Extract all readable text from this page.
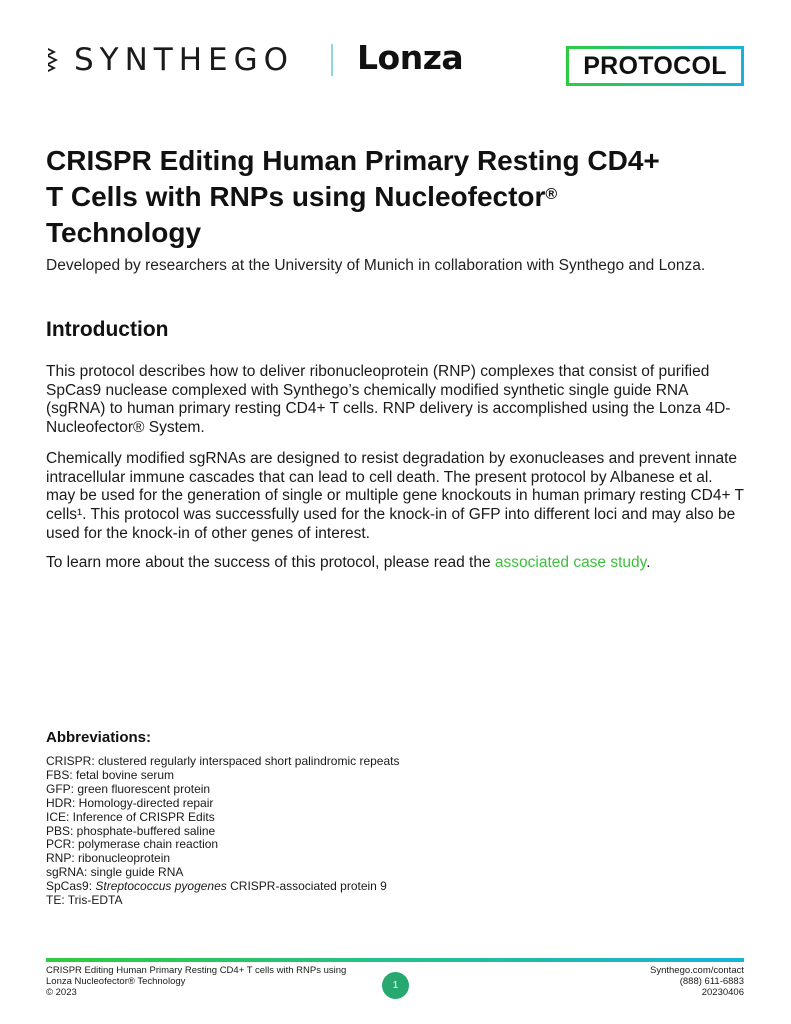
SYNTHEGO Lonza	PROTOCOL
CRISPR Editing Human Primary Resting CD4+
T Cells with RNPs using Nucleofector®
Technology
Developed by researchers at the University of Munich in collaboration with Synthego and Lonza.
Introduction

This protocol describes how to deliver ribonucleoprotein (RNP) complexes that consist of purified SpCas9 nuclease complexed with Synthego’s chemically modified synthetic single guide RNA (sgRNA) to human primary resting CD4+ T cells. RNP delivery is accomplished using the Lonza 4D-Nucleofector® System.

Chemically modified sgRNAs are designed to resist degradation by exonucleases and prevent innate intracellular immune cascades that can lead to cell death. The present protocol by Albanese et al. may be used for the generation of single or multiple gene knockouts in human primary resting CD4+ T cells¹. This protocol was successfully used for the knock-in of GFP into different loci and may also be used for the knock-in of other genes of interest.

To learn more about the success of this protocol, please read the associated case study.

Abbreviations:
CRISPR: clustered regularly interspaced short palindromic repeats
FBS: fetal bovine serum
GFP: green fluorescent protein
HDR: Homology-directed repair
ICE: Inference of CRISPR Edits
PBS: phosphate-buffered saline
PCR: polymerase chain reaction
RNP: ribonucleoprotein
sgRNA: single guide RNA
SpCas9: Streptococcus pyogenes CRISPR-associated protein 9
TE: Tris-EDTA
CRISPR Editing Human Primary Resting CD4+ T cells with RNPs using
Lonza Nucleofector® Technology
© 2023
1
Synthego.com/contact
(888) 611-6883
20230406
